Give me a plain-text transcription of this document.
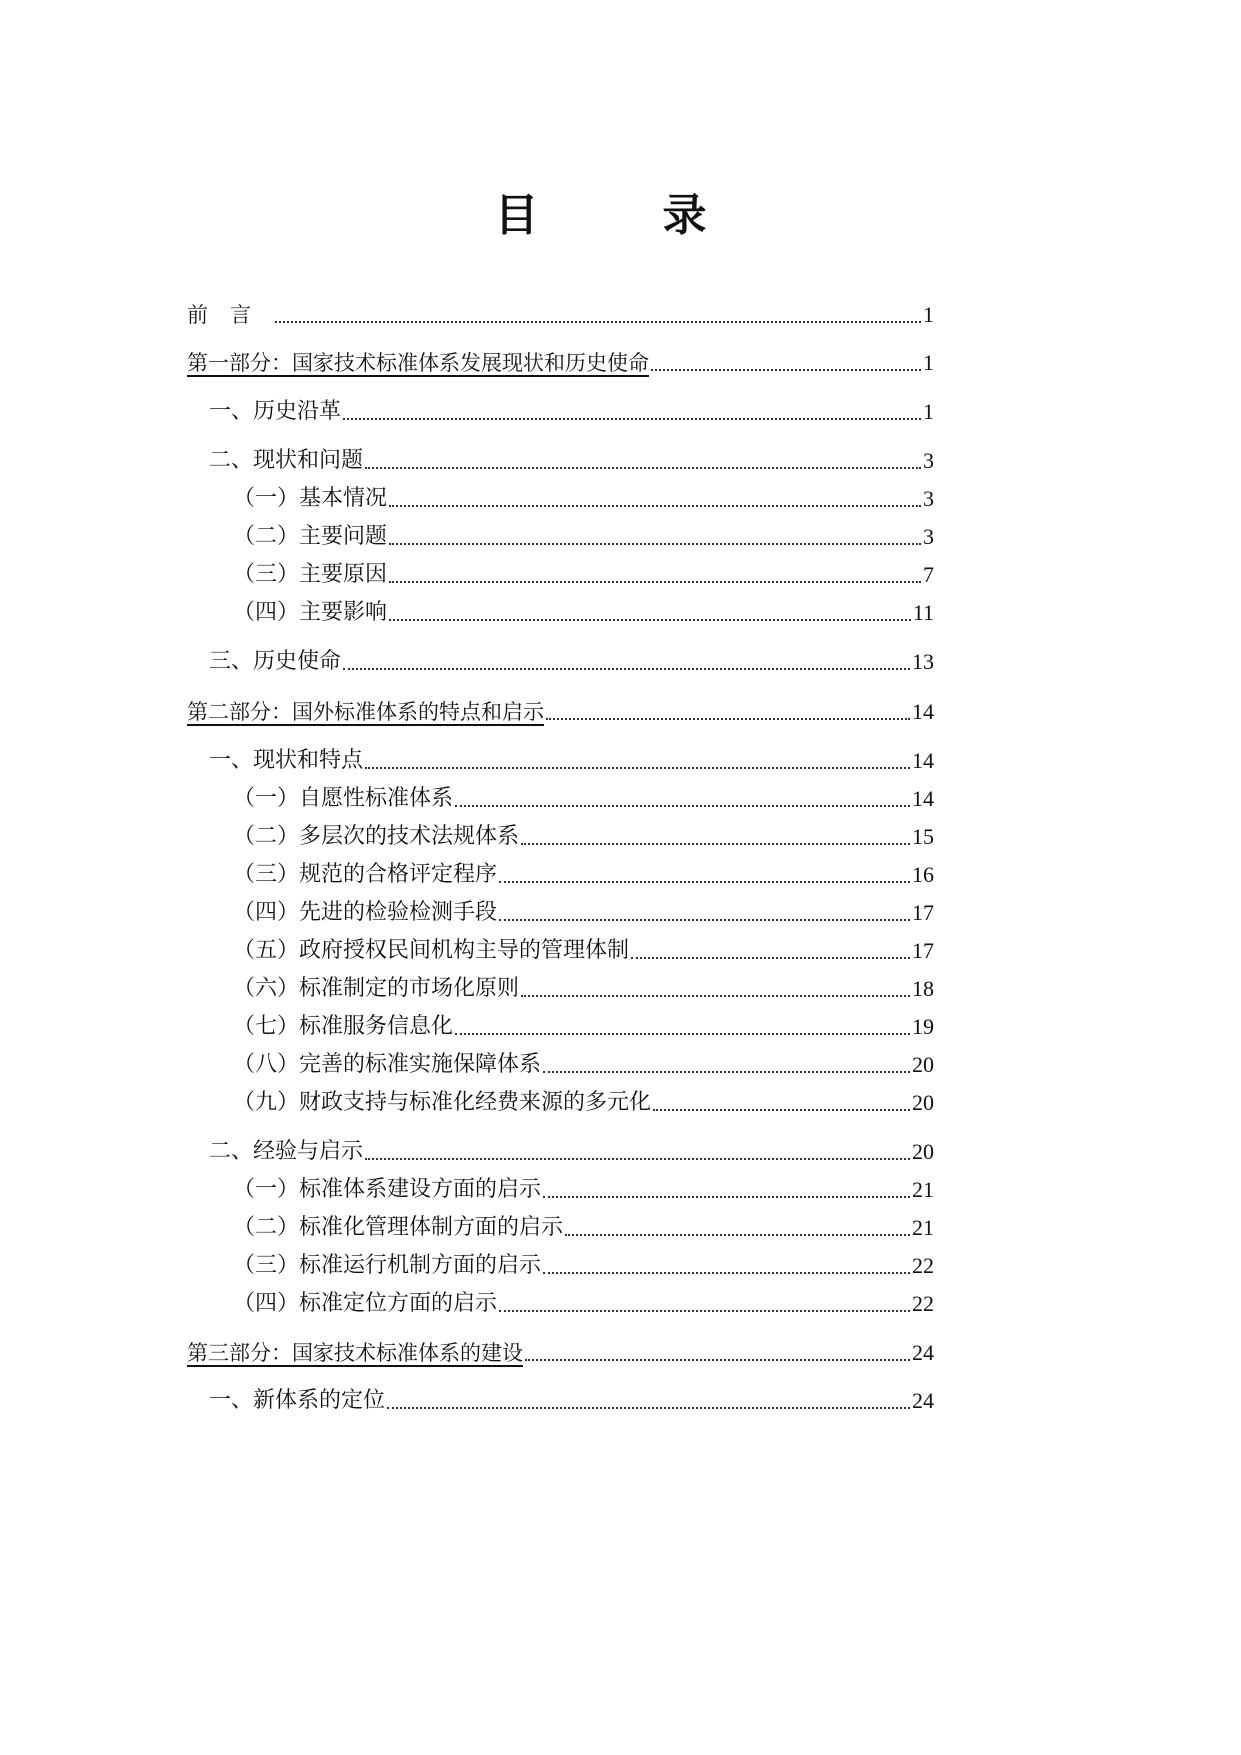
目　录
前言	1
第一部分：国家技术标准体系发展现状和历史使命	1
一、历史沿革	1
二、现状和问题	3
（一）基本情况	3
（二）主要问题	3
（三）主要原因	7
（四）主要影响	11
三、历史使命	13
第二部分：国外标准体系的特点和启示	14
一、现状和特点	14
（一）自愿性标准体系	14
（二）多层次的技术法规体系	15
（三）规范的合格评定程序	16
（四）先进的检验检测手段	17
（五）政府授权民间机构主导的管理体制	17
（六）标准制定的市场化原则	18
（七）标准服务信息化	19
（八）完善的标准实施保障体系	20
（九）财政支持与标准化经费来源的多元化	20
二、经验与启示	20
（一）标准体系建设方面的启示	21
（二）标准化管理体制方面的启示	21
（三）标准运行机制方面的启示	22
（四）标准定位方面的启示	22
第三部分：国家技术标准体系的建设	24
一、新体系的定位	24
